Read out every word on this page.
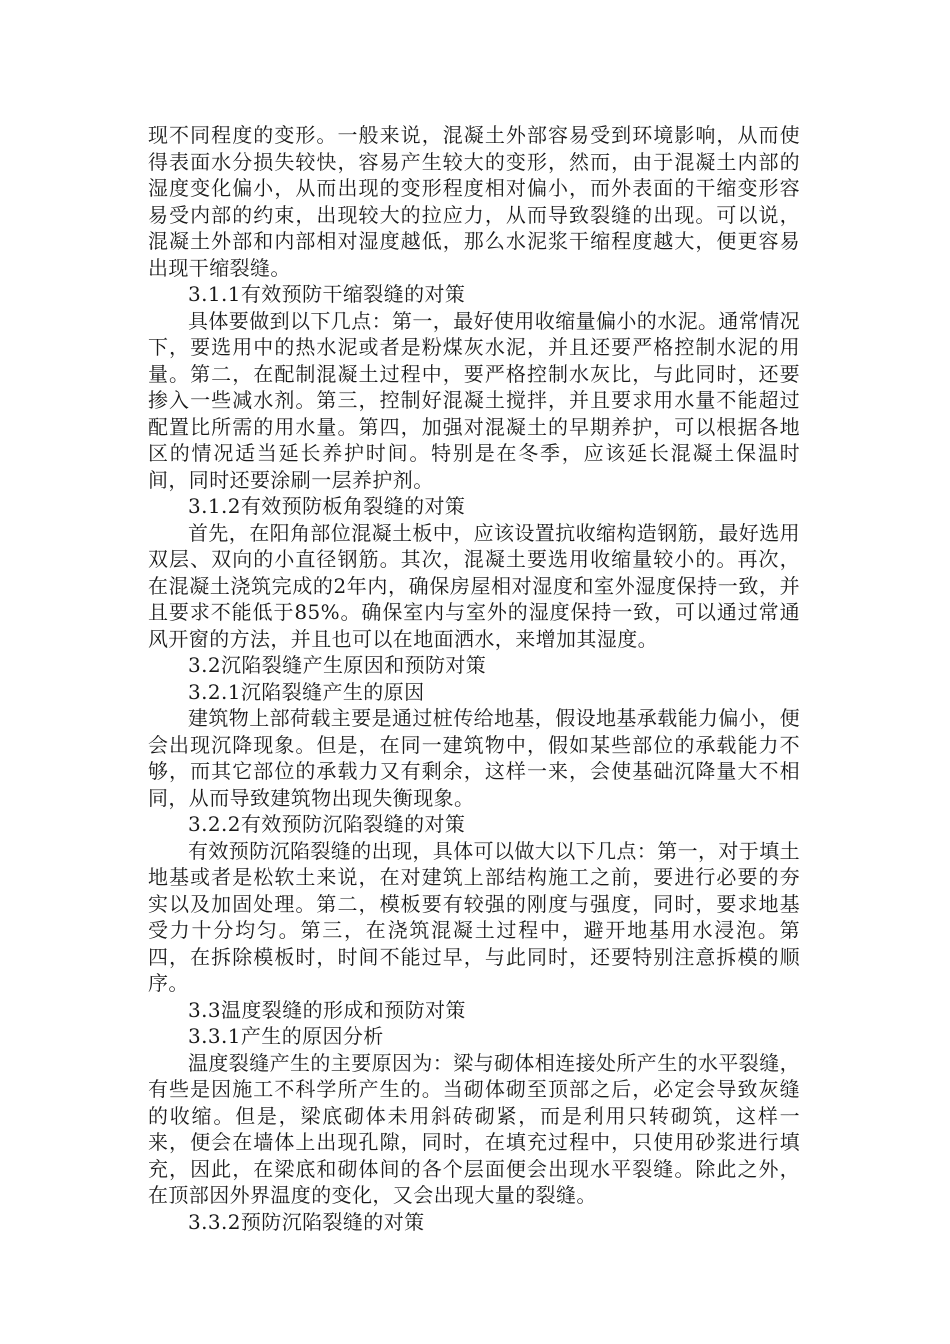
现不同程度的变形。一般来说，混凝土外部容易受到环境影响，从而使得表面水分损失较快，容易产生较大的变形，然而，由于混凝土内部的湿度变化偏小，从而出现的变形程度相对偏小，而外表面的干缩变形容易受内部的约束，出现较大的拉应力，从而导致裂缝的出现。可以说，混凝土外部和内部相对湿度越低，那么水泥浆干缩程度越大，便更容易出现干缩裂缝。

3.1.1有效预防干缩裂缝的对策

具体要做到以下几点：第一，最好使用收缩量偏小的水泥。通常情况下，要选用中的热水泥或者是粉煤灰水泥，并且还要严格控制水泥的用量。第二，在配制混凝土过程中，要严格控制水灰比，与此同时，还要掺入一些减水剂。第三，控制好混凝土搅拌，并且要求用水量不能超过配置比所需的用水量。第四，加强对混凝土的早期养护，可以根据各地区的情况适当延长养护时间。特别是在冬季，应该延长混凝土保温时间，同时还要涂刷一层养护剂。

3.1.2有效预防板角裂缝的对策

首先，在阳角部位混凝土板中，应该设置抗收缩构造钢筋，最好选用双层、双向的小直径钢筋。其次，混凝土要选用收缩量较小的。再次，在混凝土浇筑完成的2年内，确保房屋相对湿度和室外湿度保持一致，并且要求不能低于85%。确保室内与室外的湿度保持一致，可以通过常通风开窗的方法，并且也可以在地面洒水，来增加其湿度。

3.2沉陷裂缝产生原因和预防对策

3.2.1沉陷裂缝产生的原因

建筑物上部荷载主要是通过桩传给地基，假设地基承载能力偏小，便会出现沉降现象。但是，在同一建筑物中，假如某些部位的承载能力不够，而其它部位的承载力又有剩余，这样一来，会使基础沉降量大不相同，从而导致建筑物出现失衡现象。

3.2.2有效预防沉陷裂缝的对策

有效预防沉陷裂缝的出现，具体可以做大以下几点：第一，对于填土地基或者是松软土来说，在对建筑上部结构施工之前，要进行必要的夯实以及加固处理。第二，模板要有较强的刚度与强度，同时，要求地基受力十分均匀。第三，在浇筑混凝土过程中，避开地基用水浸泡。第四，在拆除模板时，时间不能过早，与此同时，还要特别注意拆模的顺序。

3.3温度裂缝的形成和预防对策

3.3.1产生的原因分析

温度裂缝产生的主要原因为：梁与砌体相连接处所产生的水平裂缝，有些是因施工不科学所产生的。当砌体砌至顶部之后，必定会导致灰缝的收缩。但是，梁底砌体未用斜砖砌紧，而是利用只转砌筑，这样一来，便会在墙体上出现孔隙，同时，在填充过程中，只使用砂浆进行填充，因此，在梁底和砌体间的各个层面便会出现水平裂缝。除此之外，在顶部因外界温度的变化，又会出现大量的裂缝。

3.3.2预防沉陷裂缝的对策
